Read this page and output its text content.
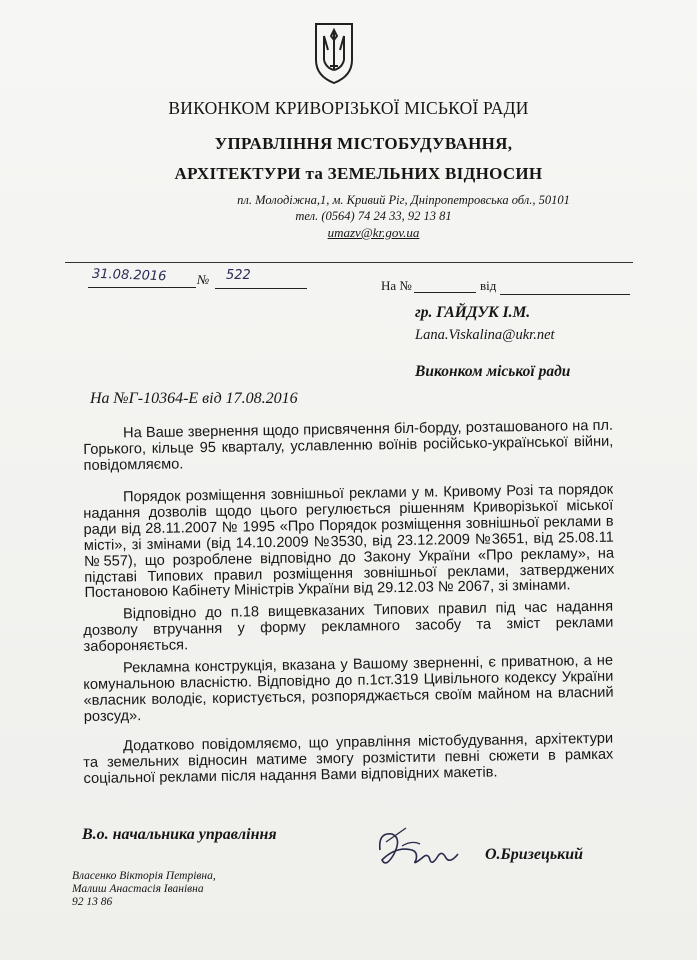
ВИКОНКОМ КРИВОРІЗЬКОЇ МІСЬКОЇ РАДИ
УПРАВЛІННЯ МІСТОБУДУВАННЯ,
АРХІТЕКТУРИ та ЗЕМЕЛЬНИХ ВІДНОСИН
пл. Молодіжна,1, м. Кривий Ріг, Дніпропетровська обл., 50101
тел. (0564) 74 24 33, 92 13 81
umazv@kr.gov.ua
31.08.2016 № 522
На №	від
гр. ГАЙДУК І.М.
Lana.Viskalina@ukr.net
Виконком міської ради
На №Г-10364-Е від 17.08.2016

На Ваше звернення щодо присвячення біл-борду, розташованого на пл. Горького, кільце 95 кварталу, уславленню воїнів російсько-української війни, повідомляємо.

Порядок розміщення зовнішньої реклами у м. Кривому Розі та порядок надання дозволів щодо цього регулюється рішенням Криворізької міської ради від 28.11.2007 № 1995 «Про Порядок розміщення зовнішньої реклами в місті», зі змінами (від 14.10.2009 №3530, від 23.12.2009 №3651, від 25.08.11 №557), що розроблене відповідно до Закону України «Про рекламу», на підставі Типових правил розміщення зовнішньої реклами, затверджених Постановою Кабінету Міністрів України від 29.12.03 № 2067, зі змінами.

Відповідно до п.18 вищевказаних Типових правил під час надання дозволу втручання у форму рекламного засобу та зміст реклами забороняється.

Рекламна конструкція, вказана у Вашому зверненні, є приватною, а не комунальною власністю. Відповідно до п.1ст.319 Цивільного кодексу України «власник володіє, користується, розпоряджається своїм майном на власний розсуд».

Додатково повідомляємо, що управління містобудування, архітектури та земельних відносин матиме змогу розмістити певні сюжети в рамках соціальної реклами після надання Вами відповідних макетів.

В.о. начальника управління
О.Бризецький
Власенко Вікторія Петрівна,
Малиш Анастасія Іванівна
92 13 86
